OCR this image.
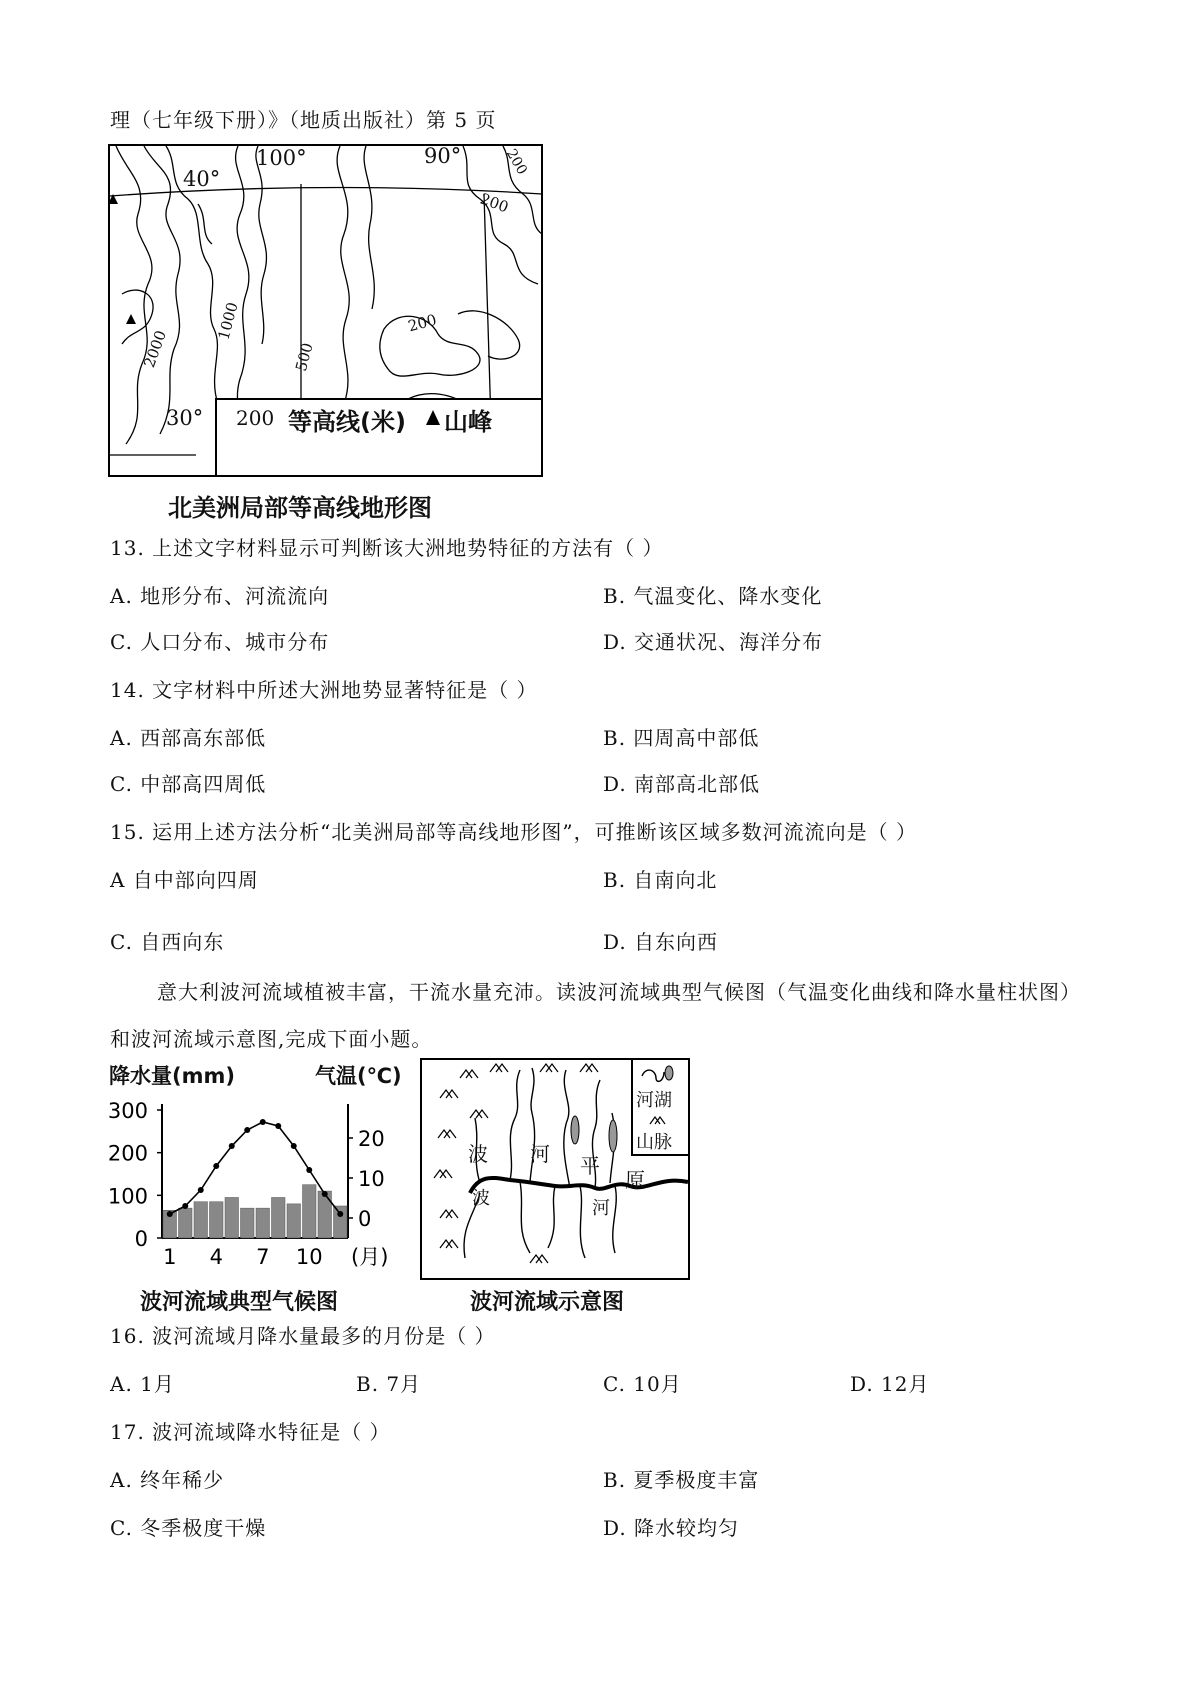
理（七年级下册）》（地质出版社）第 5 页
40°
30°
100°	90°
2000
1000
500
200
200
200
200 等高线(米) 山峰
北美洲局部等高线地形图
13. 上述文字材料显示可判断该大洲地势特征的方法有（ ）
A. 地形分布、河流流向	B. 气温变化、降水变化
C. 人口分布、城市分布	D. 交通状况、海洋分布
14. 文字材料中所述大洲地势显著特征是（ ）
A. 西部高东部低	B. 四周高中部低
C. 中部高四周低	D. 南部高北部低
15. 运用上述方法分析“北美洲局部等高线地形图”，可推断该区域多数河流流向是（ ）
A 自中部向四周	B. 自南向北
C. 自西向东	D. 自东向西
意大利波河流域植被丰富，干流水量充沛。读波河流域典型气候图（气温变化曲线和降水量柱状图）
和波河流域示意图,完成下面小题。
降水量(mm)	气温(℃)
300
200
100
0
20
10
0
1 4 7 10 (月)
波河流域典型气候图
波 河 平
原
波	河
河湖
山脉
波河流域示意图
16. 波河流域月降水量最多的月份是（ ）
A. 1月	B. 7月	C. 10月	D. 12月
17. 波河流域降水特征是（ ）
A. 终年稀少	B. 夏季极度丰富
C. 冬季极度干燥	D. 降水较均匀
